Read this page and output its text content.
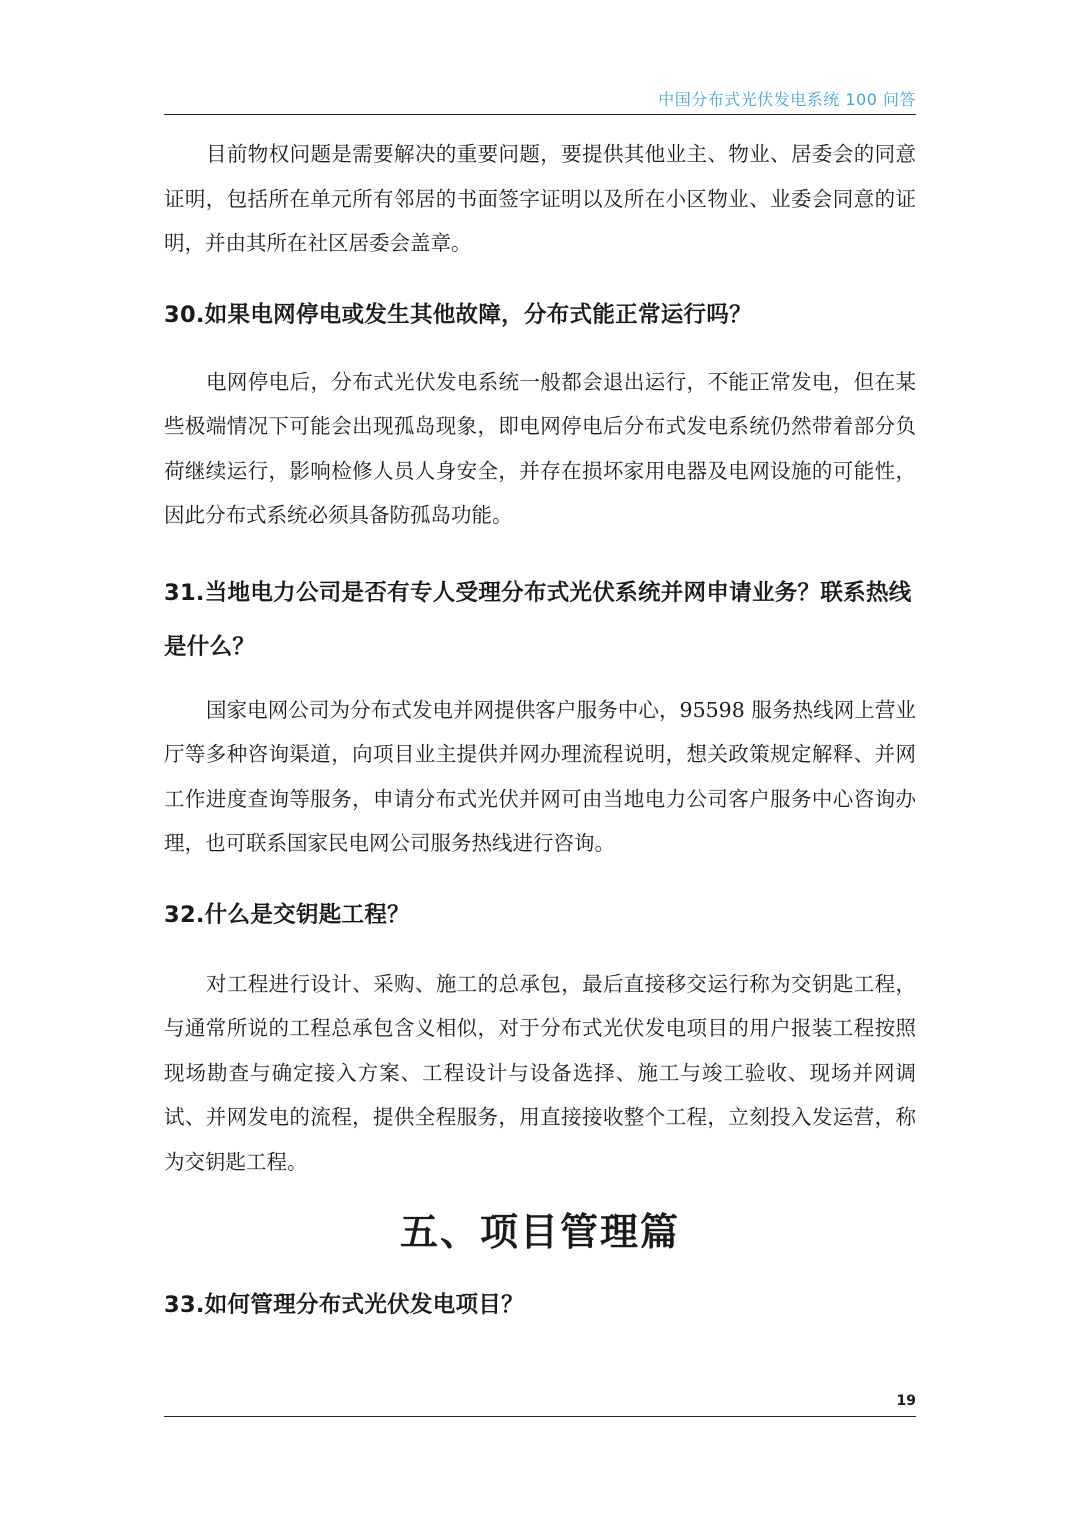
中国分布式光伏发电系统 100 问答

目前物权问题是需要解决的重要问题，要提供其他业主、物业、居委会的同意证明，包括所在单元所有邻居的书面签字证明以及所在小区物业、业委会同意的证明，并由其所在社区居委会盖章。

30.如果电网停电或发生其他故障，分布式能正常运行吗？

电网停电后，分布式光伏发电系统一般都会退出运行，不能正常发电，但在某些极端情况下可能会出现孤岛现象，即电网停电后分布式发电系统仍然带着部分负荷继续运行，影响检修人员人身安全，并存在损坏家用电器及电网设施的可能性，因此分布式系统必须具备防孤岛功能。

31.当地电力公司是否有专人受理分布式光伏系统并网申请业务？联系热线是什么？

国家电网公司为分布式发电并网提供客户服务中心，95598 服务热线网上营业厅等多种咨询渠道，向项目业主提供并网办理流程说明，想关政策规定解释、并网工作进度查询等服务，申请分布式光伏并网可由当地电力公司客户服务中心咨询办理，也可联系国家民电网公司服务热线进行咨询。

32.什么是交钥匙工程？

对工程进行设计、采购、施工的总承包，最后直接移交运行称为交钥匙工程，与通常所说的工程总承包含义相似，对于分布式光伏发电项目的用户报装工程按照现场勘查与确定接入方案、工程设计与设备选择、施工与竣工验收、现场并网调试、并网发电的流程，提供全程服务，用直接接收整个工程，立刻投入发运营，称为交钥匙工程。

五、项目管理篇
33.如何管理分布式光伏发电项目？
19
